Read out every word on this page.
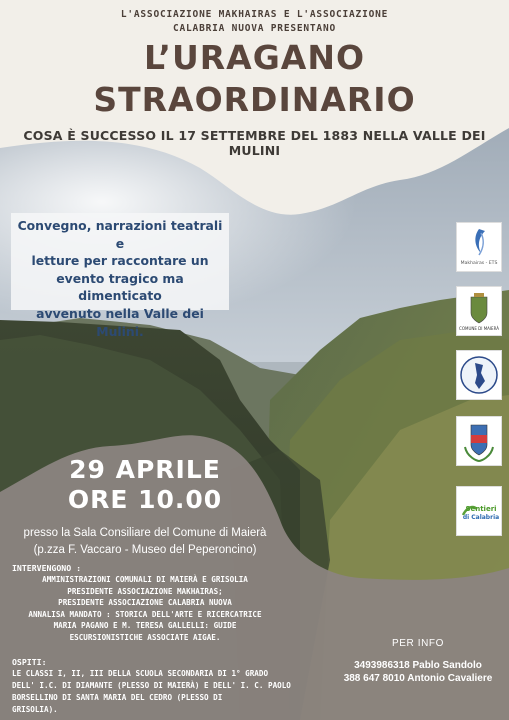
L'ASSOCIAZIONE MAKHAIRAS E L'ASSOCIAZIONE
CALABRIA NUOVA PRESENTANO
L’URAGANO
STRAORDINARIO
COSA È SUCCESSO IL 17 SETTEMBRE DEL 1883 NELLA VALLE DEI MULINI
Convegno, narrazioni teatrali e
letture per raccontare un
evento tragico ma dimenticato
avvenuto nella Valle dei Mulini.
Makhairas - ETS
COMUNE DI MAIERÀ
Sentieri
di Calabria
29 APRILE
ORE 10.00
presso la Sala Consiliare del Comune di Maierà
(p.zza F. Vaccaro - Museo del Peperoncino)
INTERVENGONO :
AMMINISTRAZIONI COMUNALI DI MAIERÀ E GRISOLIA
PRESIDENTE ASSOCIAZIONE MAKHAIRAS;
PRESIDENTE ASSOCIAZIONE CALABRIA NUOVA
ANNALISA MANDATO : STORICA DELL'ARTE E RICERCATRICE
MARIA PAGANO E M. TERESA GALLELLI: GUIDE
ESCURSIONISTICHE ASSOCIATE AIGAE.
OSPITI:
LE CLASSI I, II, III DELLA SCUOLA SECONDARIA DI 1° GRADO
DELL' I.C. DI DIAMANTE (PLESSO DI MAIERÀ) E DELL' I. C. PAOLO
BORSELLINO DI SANTA MARIA DEL CEDRO (PLESSO DI
GRISOLIA).
PER INFO
3493986318 Pablo Sandolo
388 647 8010 Antonio Cavaliere
